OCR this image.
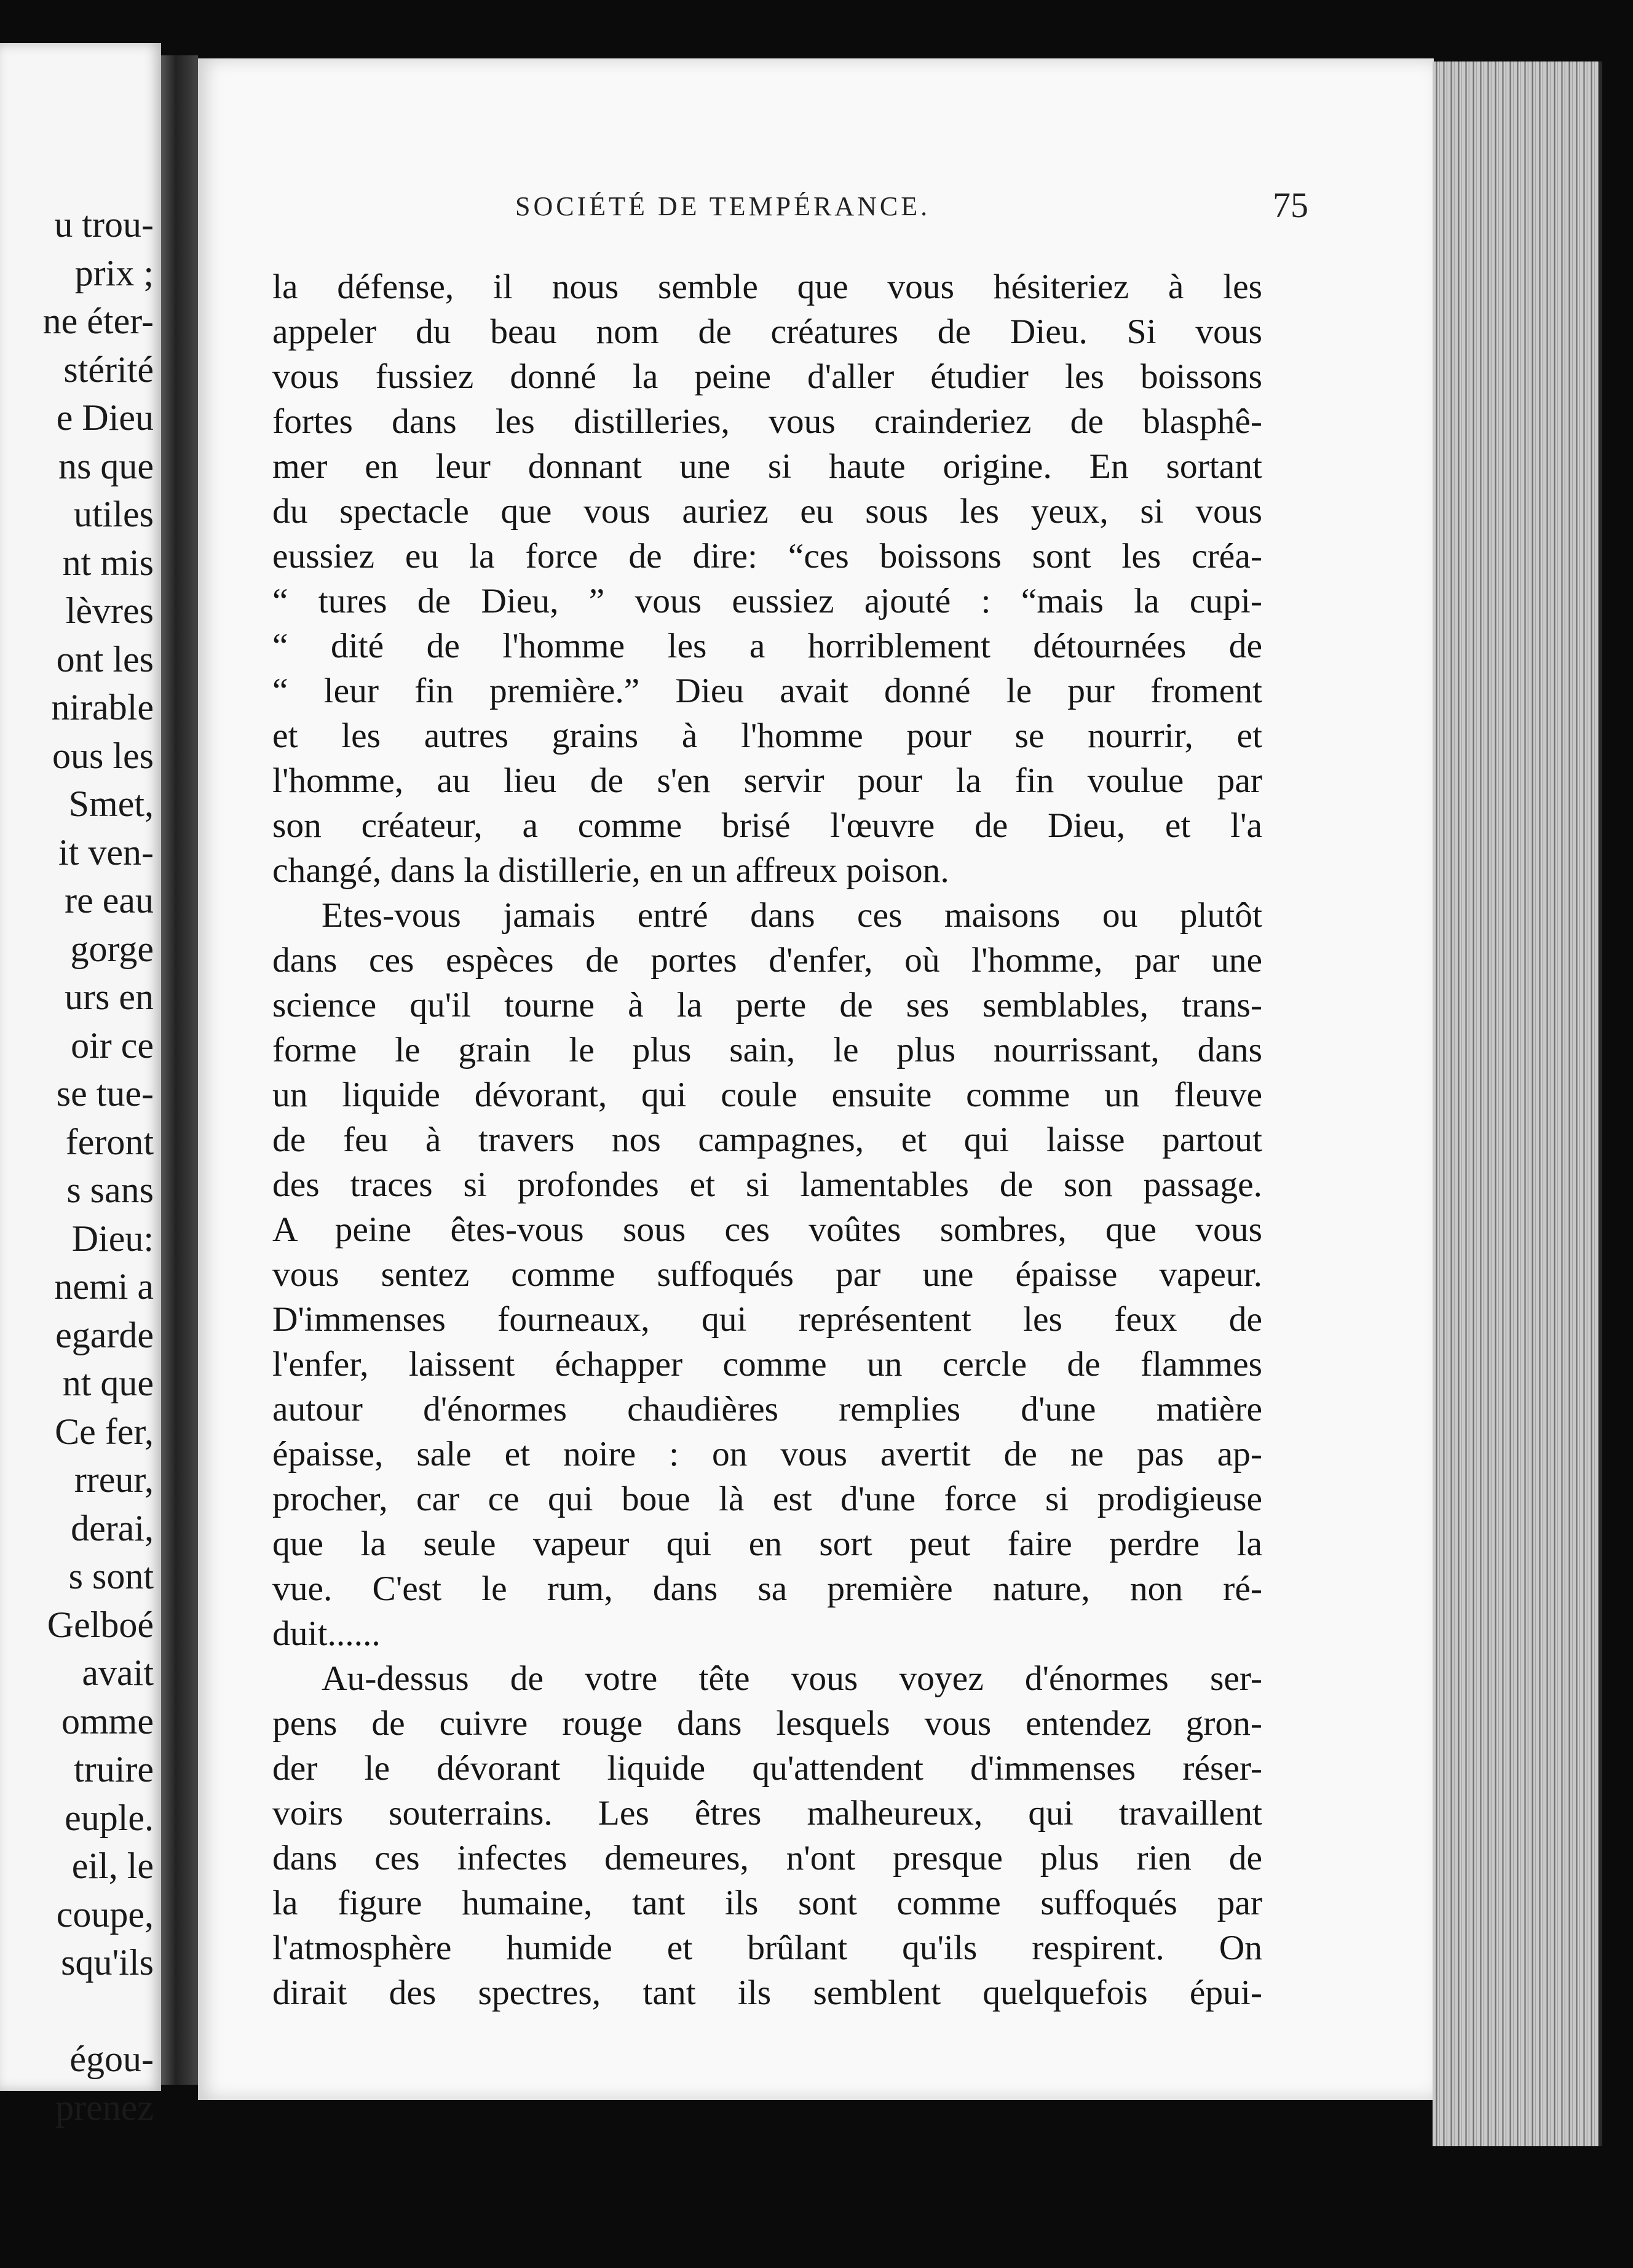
u trou-
prix ;
ne éter-
stérité
e Dieu
ns que
utiles
nt mis
lèvres
ont les
nirable
ous les
Smet,
it ven-
re eau
gorge
urs en
oir ce
se tue-
feront
s sans
Dieu:
nemi a
egarde
nt que
Ce fer,
rreur,
derai,
s sont
Gelboé
avait
omme
truire
euple.
eil, le
coupe,
squ'ils
égou-
prenez
SOCIÉTÉ DE TEMPÉRANCE.	75
la défense, il nous semble que vous hésiteriez à les
appeler du beau nom de créatures de Dieu. Si vous
vous fussiez donné la peine d'aller étudier les boissons
fortes dans les distilleries, vous crainderiez de blasphê-
mer en leur donnant une si haute origine. En sortant
du spectacle que vous auriez eu sous les yeux, si vous
eussiez eu la force de dire: “ces boissons sont les créa-
“ tures de Dieu, ” vous eussiez ajouté : “mais la cupi-
“ dité de l'homme les a horriblement détournées de
“ leur fin première.” Dieu avait donné le pur froment
et les autres grains à l'homme pour se nourrir, et
l'homme, au lieu de s'en servir pour la fin voulue par
son créateur, a comme brisé l'œuvre de Dieu, et l'a
changé, dans la distillerie, en un affreux poison.
Etes-vous jamais entré dans ces maisons ou plutôt
dans ces espèces de portes d'enfer, où l'homme, par une
science qu'il tourne à la perte de ses semblables, trans-
forme le grain le plus sain, le plus nourrissant, dans
un liquide dévorant, qui coule ensuite comme un fleuve
de feu à travers nos campagnes, et qui laisse partout
des traces si profondes et si lamentables de son passage.
A peine êtes-vous sous ces voûtes sombres, que vous
vous sentez comme suffoqués par une épaisse vapeur.
D'immenses fourneaux, qui représentent les feux de
l'enfer, laissent échapper comme un cercle de flammes
autour d'énormes chaudières remplies d'une matière
épaisse, sale et noire : on vous avertit de ne pas ap-
procher, car ce qui boue là est d'une force si prodigieuse
que la seule vapeur qui en sort peut faire perdre la
vue. C'est le rum, dans sa première nature, non ré-
duit......
Au-dessus de votre tête vous voyez d'énormes ser-
pens de cuivre rouge dans lesquels vous entendez gron-
der le dévorant liquide qu'attendent d'immenses réser-
voirs souterrains. Les êtres malheureux, qui travaillent
dans ces infectes demeures, n'ont presque plus rien de
la figure humaine, tant ils sont comme suffoqués par
l'atmosphère humide et brûlant qu'ils respirent. On
dirait des spectres, tant ils semblent quelquefois épui-
